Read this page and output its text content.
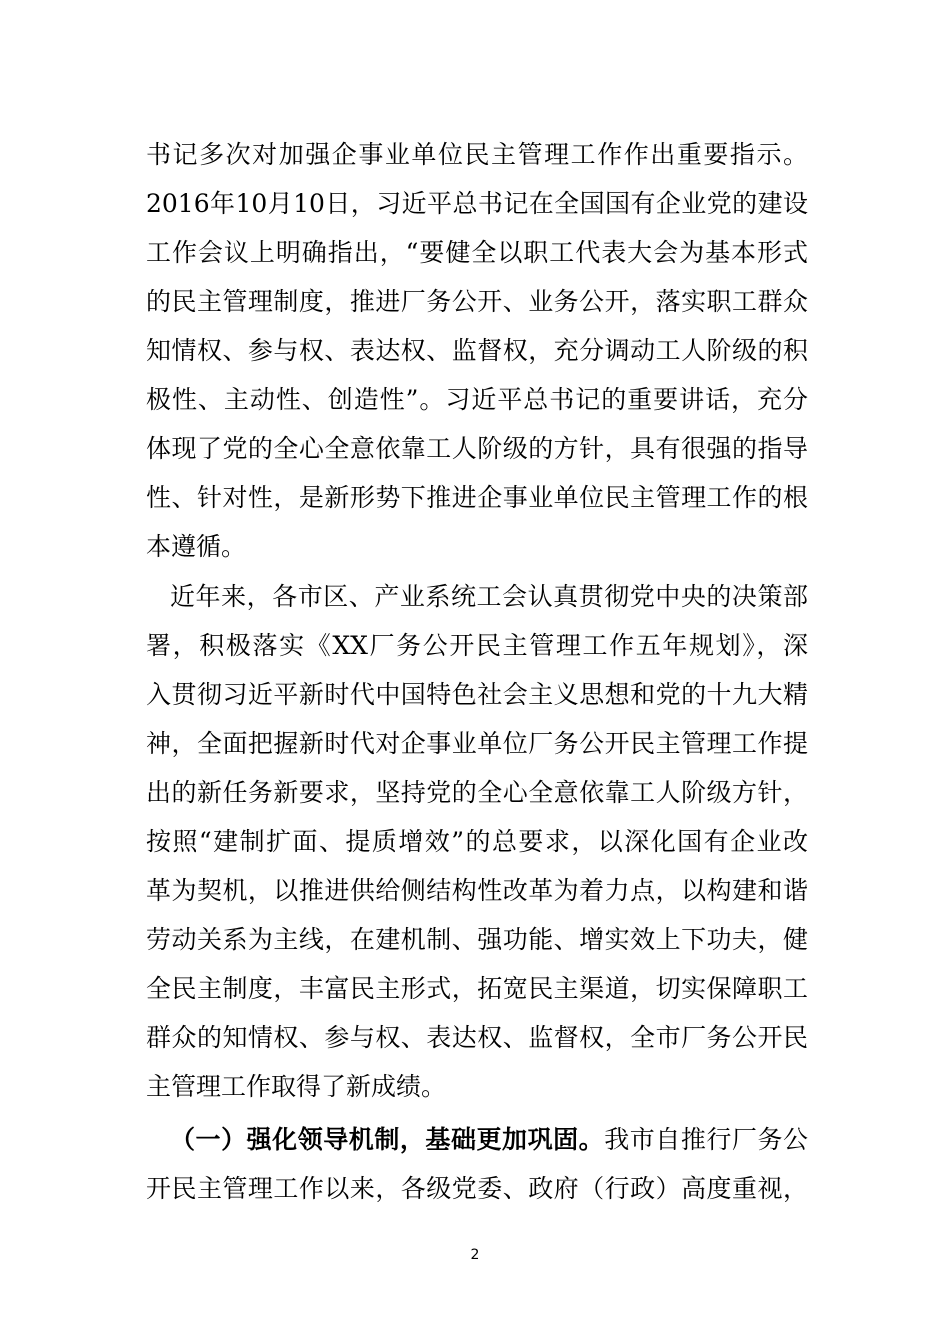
书记多次对加强企事业单位民主管理工作作出重要指示。
2016年10月10日，习近平总书记在全国国有企业党的建设
工作会议上明确指出，“要健全以职工代表大会为基本形式
的民主管理制度，推进厂务公开、业务公开，落实职工群众
知情权、参与权、表达权、监督权，充分调动工人阶级的积
极性、主动性、创造性”。习近平总书记的重要讲话，充分
体现了党的全心全意依靠工人阶级的方针，具有很强的指导
性、针对性，是新形势下推进企事业单位民主管理工作的根
本遵循。
近年来，各市区、产业系统工会认真贯彻党中央的决策部
署，积极落实《XX厂务公开民主管理工作五年规划》，深
入贯彻习近平新时代中国特色社会主义思想和党的十九大精
神，全面把握新时代对企事业单位厂务公开民主管理工作提
出的新任务新要求，坚持党的全心全意依靠工人阶级方针，
按照“建制扩面、提质增效”的总要求，以深化国有企业改
革为契机，以推进供给侧结构性改革为着力点，以构建和谐
劳动关系为主线，在建机制、强功能、增实效上下功夫，健
全民主制度，丰富民主形式，拓宽民主渠道，切实保障职工
群众的知情权、参与权、表达权、监督权，全市厂务公开民
主管理工作取得了新成绩。
（一）强化领导机制，基础更加巩固。我市自推行厂务公
开民主管理工作以来，各级党委、政府（行政）高度重视，
2
